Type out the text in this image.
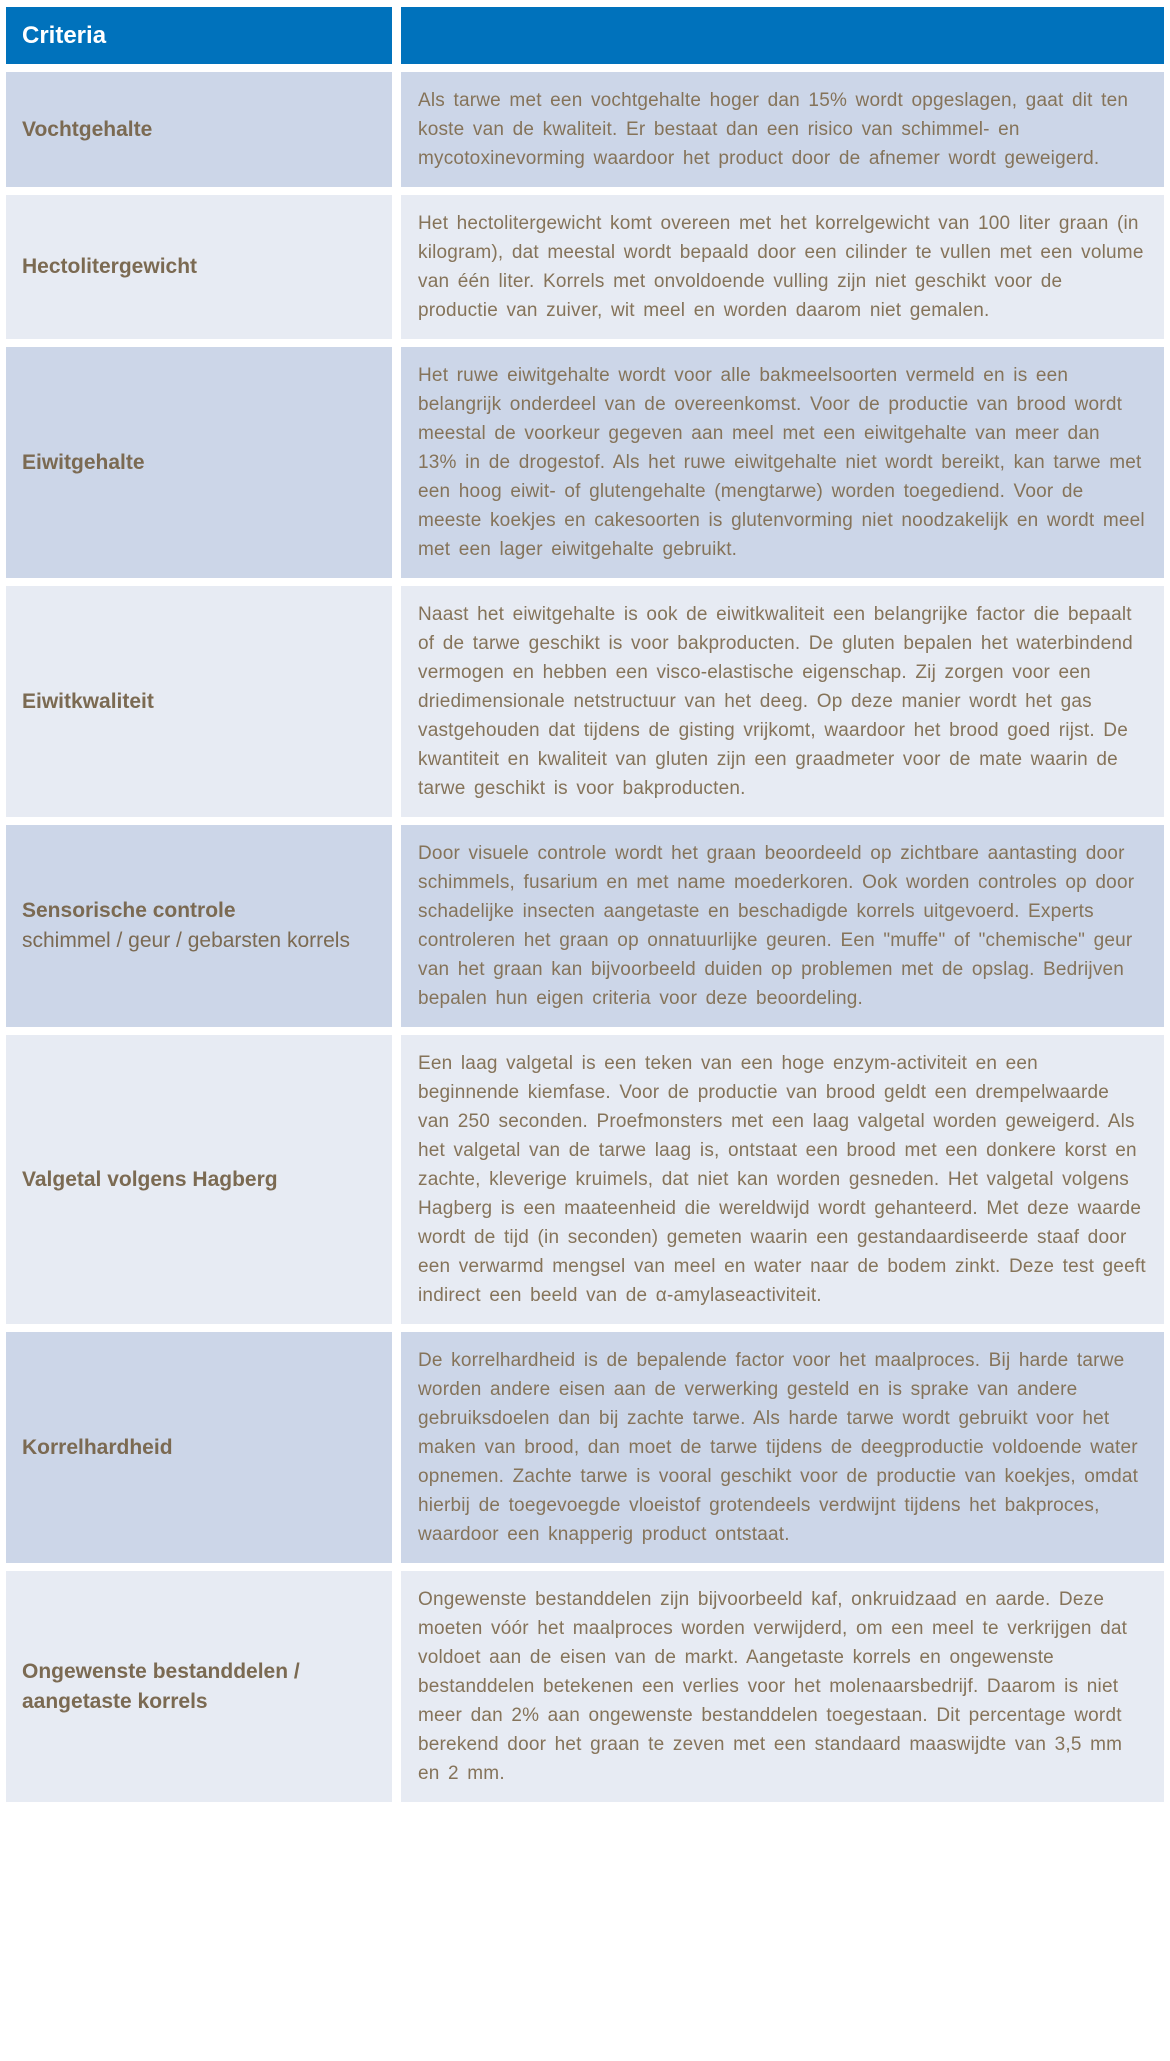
Criteria
Vochtgehalte
Als tarwe met een vochtgehalte hoger dan 15% wordt opgeslagen, gaat dit ten koste van de kwaliteit. Er bestaat dan een risico van schimmel- en mycotoxinevorming waardoor het product door de afnemer wordt geweigerd.
Hectolitergewicht
Het hectolitergewicht komt overeen met het korrelgewicht van 100 liter graan (in kilogram), dat meestal wordt bepaald door een cilinder te vullen met een volume van één liter. Korrels met onvoldoende vulling zijn niet geschikt voor de productie van zuiver, wit meel en worden daarom niet gemalen.
Eiwitgehalte
Het ruwe eiwitgehalte wordt voor alle bakmeelsoorten vermeld en is een belangrijk onderdeel van de overeenkomst. Voor de productie van brood wordt meestal de voorkeur gegeven aan meel met een eiwitgehalte van meer dan 13% in de drogestof. Als het ruwe eiwitgehalte niet wordt bereikt, kan tarwe met een hoog eiwit- of glutengehalte (mengtarwe) worden toegediend. Voor de meeste koekjes en cakesoorten is glutenvorming niet noodzakelijk en wordt meel met een lager eiwitgehalte gebruikt.
Eiwitkwaliteit
Naast het eiwitgehalte is ook de eiwitkwaliteit een belangrijke factor die bepaalt of de tarwe geschikt is voor bakproducten. De gluten bepalen het waterbindend vermogen en hebben een visco-elastische eigenschap. Zij zorgen voor een driedimensionale netstructuur van het deeg. Op deze manier wordt het gas vastgehouden dat tijdens de gisting vrijkomt, waardoor het brood goed rijst. De kwantiteit en kwaliteit van gluten zijn een graadmeter voor de mate waarin de tarwe geschikt is voor bakproducten.
Sensorische controle
schimmel / geur / gebarsten korrels
Door visuele controle wordt het graan beoordeeld op zichtbare aantasting door schimmels, fusarium en met name moederkoren. Ook worden controles op door schadelijke insecten aangetaste en beschadigde korrels uitgevoerd. Experts controleren het graan op onnatuurlijke geuren. Een "muffe" of "chemische" geur van het graan kan bijvoorbeeld duiden op problemen met de opslag. Bedrijven bepalen hun eigen criteria voor deze beoordeling.
Valgetal volgens Hagberg
Een laag valgetal is een teken van een hoge enzym-activiteit en een beginnende kiemfase. Voor de productie van brood geldt een drempelwaarde van 250 seconden. Proefmonsters met een laag valgetal worden geweigerd. Als het valgetal van de tarwe laag is, ontstaat een brood met een donkere korst en zachte, kleverige kruimels, dat niet kan worden gesneden. Het valgetal volgens Hagberg is een maateenheid die wereldwijd wordt gehanteerd. Met deze waarde wordt de tijd (in seconden) gemeten waarin een gestandaardiseerde staaf door een verwarmd mengsel van meel en water naar de bodem zinkt. Deze test geeft indirect een beeld van de α-amylaseactiviteit.
Korrelhardheid
De korrelhardheid is de bepalende factor voor het maalproces. Bij harde tarwe worden andere eisen aan de verwerking gesteld en is sprake van andere gebruiksdoelen dan bij zachte tarwe. Als harde tarwe wordt gebruikt voor het maken van brood, dan moet de tarwe tijdens de deegproductie voldoende water opnemen. Zachte tarwe is vooral geschikt voor de productie van koekjes, omdat hierbij de toegevoegde vloeistof grotendeels verdwijnt tijdens het bakproces, waardoor een knapperig product ontstaat.
Ongewenste bestanddelen / aangetaste korrels
Ongewenste bestanddelen zijn bijvoorbeeld kaf, onkruidzaad en aarde. Deze moeten vóór het maalproces worden verwijderd, om een meel te verkrijgen dat voldoet aan de eisen van de markt. Aangetaste korrels en ongewenste bestanddelen betekenen een verlies voor het molenaarsbedrijf. Daarom is niet meer dan 2% aan ongewenste bestanddelen toegestaan. Dit percentage wordt berekend door het graan te zeven met een standaard maaswijdte van 3,5 mm en 2 mm.
